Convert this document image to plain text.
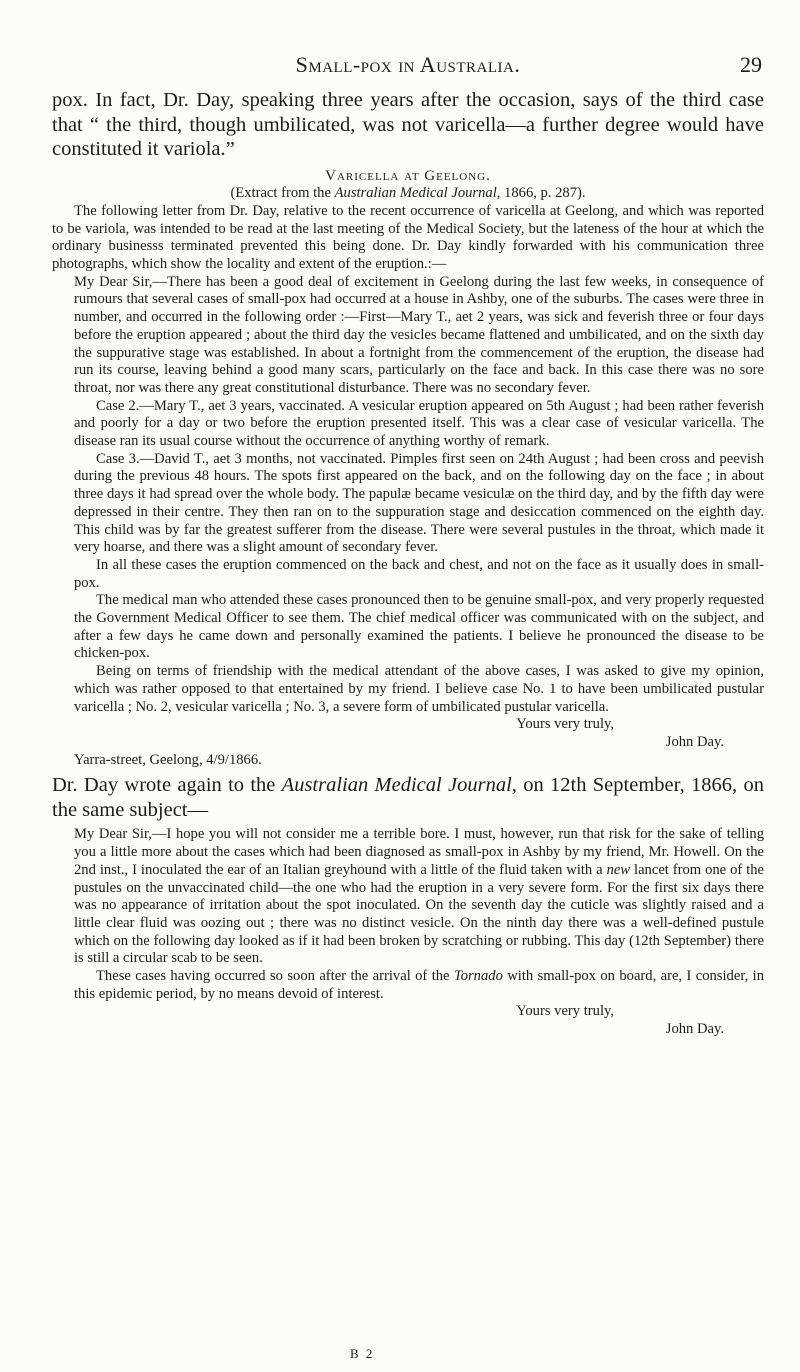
Small-pox in Australia.	29

pox. In fact, Dr. Day, speaking three years after the occasion, says of the third case that “ the third, though umbilicated, was not varicella—a further degree would have constituted it variola.”

Varicella at Geelong.

(Extract from the Australian Medical Journal, 1866, p. 287).

The following letter from Dr. Day, relative to the recent occurrence of varicella at Geelong, and which was reported to be variola, was intended to be read at the last meeting of the Medical Society, but the lateness of the hour at which the ordinary businesss terminated prevented this being done. Dr. Day kindly forwarded with his communication three photographs, which show the locality and extent of the eruption.:—

My Dear Sir,—There has been a good deal of excitement in Geelong during the last few weeks, in consequence of rumours that several cases of small-pox had occurred at a house in Ashby, one of the suburbs. The cases were three in number, and occurred in the following order :—First—Mary T., aet 2 years, was sick and feverish three or four days before the eruption appeared ; about the third day the vesicles became flattened and umbilicated, and on the sixth day the suppurative stage was established. In about a fortnight from the commencement of the eruption, the disease had run its course, leaving behind a good many scars, particularly on the face and back. In this case there was no sore throat, nor was there any great constitutional disturbance. There was no secondary fever.

Case 2.—Mary T., aet 3 years, vaccinated. A vesicular eruption appeared on 5th August ; had been rather feverish and poorly for a day or two before the eruption presented itself. This was a clear case of vesicular varicella. The disease ran its usual course without the occurrence of anything worthy of remark.

Case 3.—David T., aet 3 months, not vaccinated. Pimples first seen on 24th August ; had been cross and peevish during the previous 48 hours. The spots first appeared on the back, and on the following day on the face ; in about three days it had spread over the whole body. The papulæ became vesiculæ on the third day, and by the fifth day were depressed in their centre. They then ran on to the suppuration stage and desiccation commenced on the eighth day. This child was by far the greatest sufferer from the disease. There were several pustules in the throat, which made it very hoarse, and there was a slight amount of secondary fever.

In all these cases the eruption commenced on the back and chest, and not on the face as it usually does in small-pox.

The medical man who attended these cases pronounced then to be genuine small-pox, and very properly requested the Government Medical Officer to see them. The chief medical officer was communicated with on the subject, and after a few days he came down and personally examined the patients. I believe he pronounced the disease to be chicken-pox.

Being on terms of friendship with the medical attendant of the above cases, I was asked to give my opinion, which was rather opposed to that entertained by my friend. I believe case No. 1 to have been umbilicated pustular varicella ; No. 2, vesicular varicella ; No. 3, a severe form of umbilicated pustular varicella.

Yours very truly,

John Day.

Yarra-street, Geelong, 4/9/1866.

Dr. Day wrote again to the Australian Medical Journal, on 12th September, 1866, on the same subject—

My Dear Sir,—I hope you will not consider me a terrible bore. I must, however, run that risk for the sake of telling you a little more about the cases which had been diagnosed as small-pox in Ashby by my friend, Mr. Howell. On the 2nd inst., I inoculated the ear of an Italian greyhound with a little of the fluid taken with a new lancet from one of the pustules on the unvaccinated child—the one who had the eruption in a very severe form. For the first six days there was no appearance of irritation about the spot inoculated. On the seventh day the cuticle was slightly raised and a little clear fluid was oozing out ; there was no distinct vesicle. On the ninth day there was a well-defined pustule which on the following day looked as if it had been broken by scratching or rubbing. This day (12th September) there is still a circular scab to be seen.

These cases having occurred so soon after the arrival of the Tornado with small-pox on board, are, I consider, in this epidemic period, by no means devoid of interest.

Yours very truly,

John Day.

B 2
